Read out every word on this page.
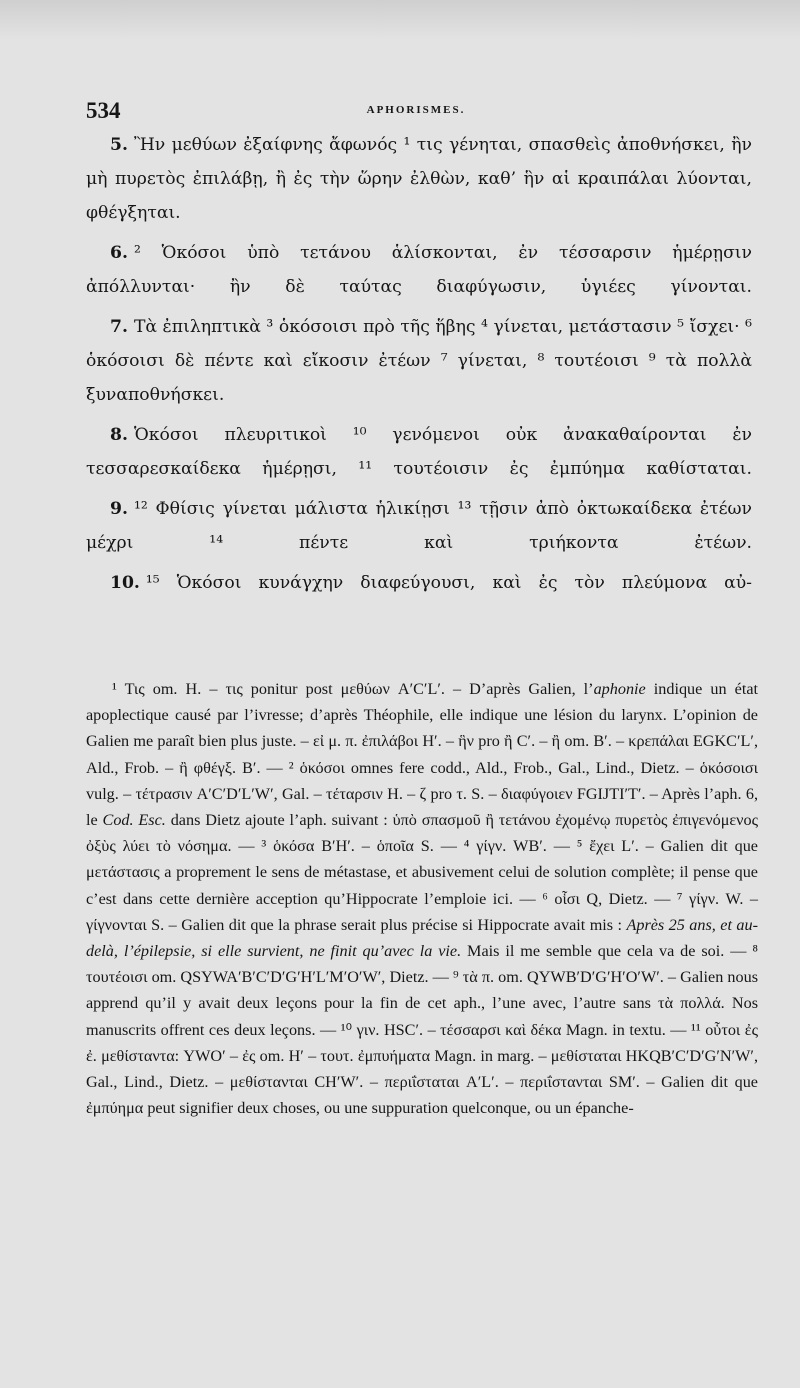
534	APHORISMES.

5. Ἢν μεθύων ἐξαίφνης ἄφωνός ¹ τις γένηται, σπασθεὶς ἀποθνήσκει, ἢν μὴ πυρετὸς ἐπιλάβῃ, ἢ ἐς τὴν ὥρην ἐλθὼν, καθ’ ἣν αἱ κραιπάλαι λύονται, φθέγξηται.

6. ² Ὁκόσοι ὑπὸ τετάνου ἁλίσκονται, ἐν τέσσαρσιν ἡμέρῃσιν ἀπόλλυνται· ἢν δὲ ταύτας διαφύγωσιν, ὑγιέες γίνονται.

7. Τὰ ἐπιληπτικὰ ³ ὁκόσοισι πρὸ τῆς ἥβης ⁴ γίνεται, μετάστασιν ⁵ ἴσχει· ⁶ ὁκόσοισι δὲ πέντε καὶ εἴκοσιν ἐτέων ⁷ γίνεται, ⁸ τουτέοισι ⁹ τὰ πολλὰ ξυναποθνήσκει.

8. Ὁκόσοι πλευριτικοὶ ¹⁰ γενόμενοι οὐκ ἀνακαθαίρονται ἐν τεσσαρεσκαίδεκα ἡμέρῃσι, ¹¹ τουτέοισιν ἐς ἐμπύημα καθίσταται.

9. ¹² Φθίσις γίνεται μάλιστα ἡλικίῃσι ¹³ τῇσιν ἀπὸ ὀκτωκαίδεκα ἐτέων μέχρι ¹⁴ πέντε καὶ τριήκοντα ἐτέων.

10. ¹⁵ Ὁκόσοι κυνάγχην διαφεύγουσι, καὶ ἐς τὸν πλεύμονα αὐ-

¹ Τις om. H. – τις ponitur post μεθύων A′C′L′. – D’après Galien, l’aphonie indique un état apoplectique causé par l’ivresse; d’après Théophile, elle indique une lésion du larynx. L’opinion de Galien me paraît bien plus juste. – εἰ μ. π. ἐπιλάβοι H′. – ἣν pro ἢ C′. – ἢ om. B′. – κρεπάλαι EGKC′L′, Ald., Frob. – ἢ φθέγξ. B′. — ² ὁκόσοι omnes fere codd., Ald., Frob., Gal., Lind., Dietz. – ὁκόσοισι vulg. – τέτρασιν A′C′D′L′W′, Gal. – τέταρσιν H. – ζ pro τ. S. – διαφύγοιεν FGIJTI′T′. – Après l’aph. 6, le Cod. Esc. dans Dietz ajoute l’aph. suivant : ὑπὸ σπασμοῦ ἢ τετάνου ἐχομένῳ πυρετὸς ἐπιγενόμενος ὀξὺς λύει τὸ νόσημα. — ³ ὁκόσα B′H′. – ὁποῖα S. — ⁴ γίγν. WB′. — ⁵ ἔχει L′. – Galien dit que μετάστασις a proprement le sens de métastase, et abusivement celui de solution complète; il pense que c’est dans cette dernière acception qu’Hippocrate l’emploie ici. — ⁶ οἷσι Q, Dietz. — ⁷ γίγν. W. – γίγνονται S. – Galien dit que la phrase serait plus précise si Hippocrate avait mis : Après 25 ans, et au-delà, l’épilepsie, si elle survient, ne finit qu’avec la vie. Mais il me semble que cela va de soi. — ⁸ τουτέοισι om. QSYWA′B′C′D′G′H′L′M′O′W′, Dietz. — ⁹ τὰ π. om. QYWB′D′G′H′O′W′. – Galien nous apprend qu’il y avait deux leçons pour la fin de cet aph., l’une avec, l’autre sans τὰ πολλά. Nos manuscrits offrent ces deux leçons. — ¹⁰ γιν. HSC′. – τέσσαρσι καὶ δέκα Magn. in textu. — ¹¹ οὗτοι ἐς ἐ. μεθίσταντα: YWO′ – ἐς om. H′ – τουτ. ἐμπυήματα Magn. in marg. – μεθίσταται HKQB′C′D′G′N′W′, Gal., Lind., Dietz. – μεθίστανται CH′W′. – περιΐσταται A′L′. – περιΐστανται SM′. – Galien dit que ἐμπύημα peut signifier deux choses, ou une suppuration quelconque, ou un épanche-
